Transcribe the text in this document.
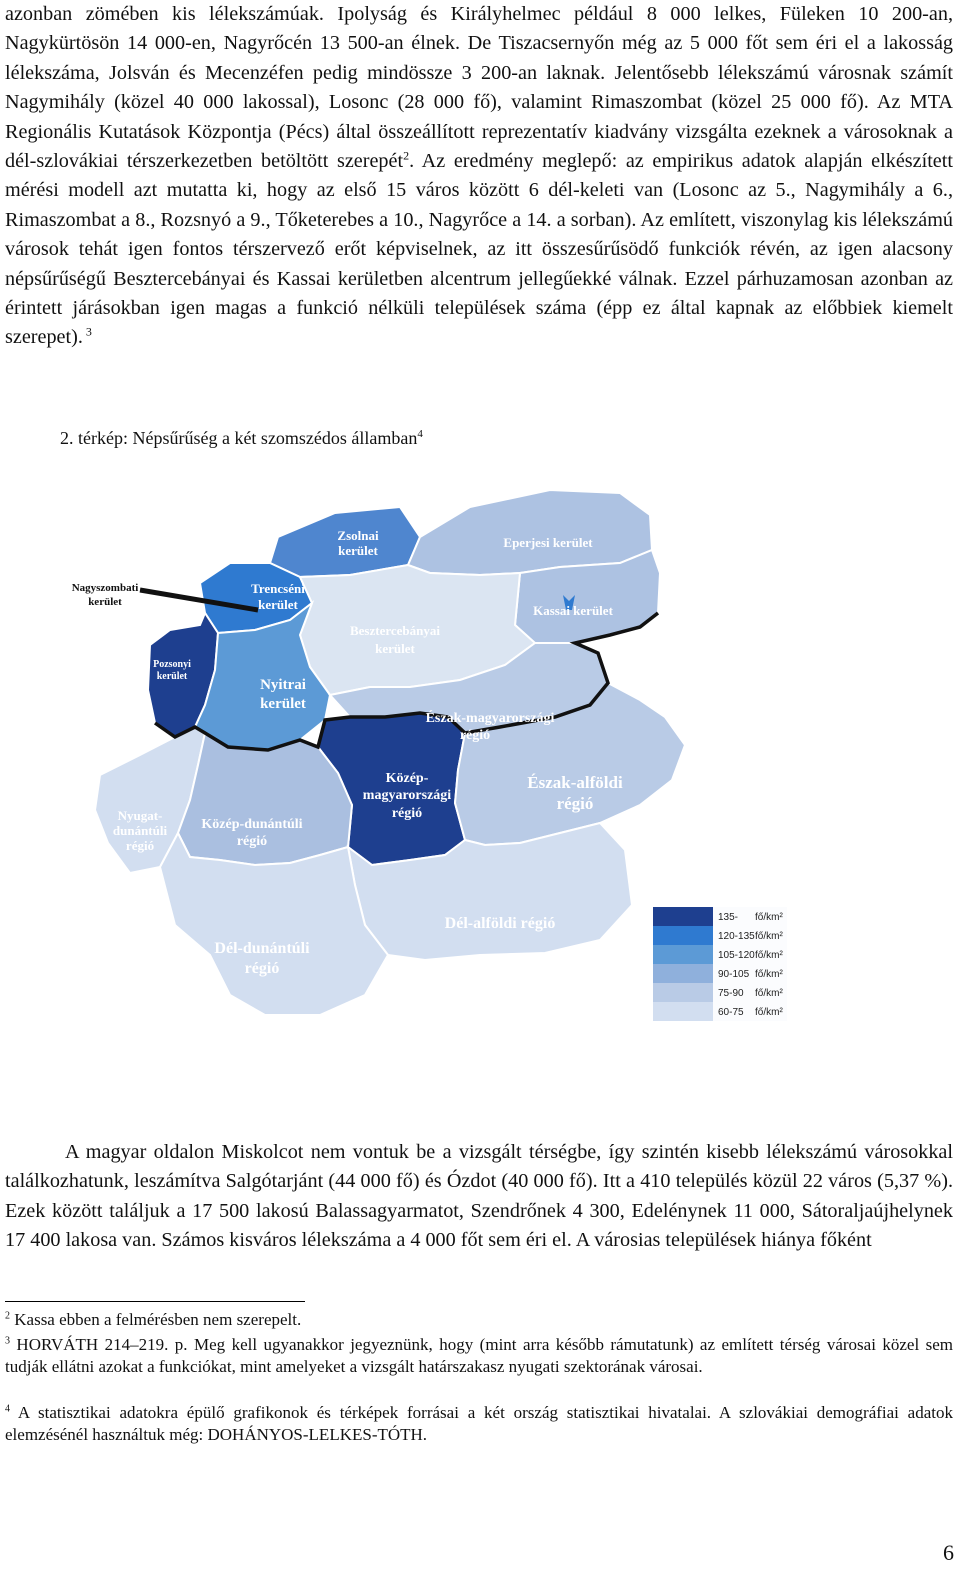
azonban zömében kis lélekszámúak. Ipolyság és Királyhelmec például 8 000 lelkes, Füleken 10 200-an, Nagykürtösön 14 000-en, Nagyrőcén 13 500-an élnek. De Tiszacsernyőn még az 5 000 főt sem éri el a lakosság lélekszáma, Jolsván és Mecenzéfen pedig mindössze 3 200-an laknak. Jelentősebb lélekszámú városnak számít Nagymihály (közel 40 000 lakossal), Losonc (28 000 fő), valamint Rimaszombat (közel 25 000 fő). Az MTA Regionális Kutatások Központja (Pécs) által összeállított reprezentatív kiadvány vizsgálta ezeknek a városoknak a dél-szlovákiai térszerkezetben betöltött szerepét$^2$. Az eredmény meglepő: az empirikus adatok alapján elkészített mérési modell azt mutatta ki, hogy az első 15 város között 6 dél-keleti van (Losonc az 5., Nagymihály a 6., Rimaszombat a 8., Rozsnyó a 9., Tőketerebes a 10., Nagyrőce a 14. a sorban). Az említett, viszonylag kis lélekszámú városok tehát igen fontos térszervező erőt képviselnek, az itt összesűrűsödő funkciók révén, az igen alacsony népsűrűségű Besztercebányai és Kassai kerületben alcentrum jellegűekké válnak. Ezzel párhuzamosan azonban az érintett járásokban igen magas a funkció nélküli települések száma (épp ez által kapnak az előbbiek kiemelt szerepet). $^3$

2. térkép: Népsűrűség a két szomszédos államban$^4$
Zsolnai kerület
Eperjesi kerület
Trencséni kerület	Kassai kerület
Besztercebányai kerület
Pozsonyi kerület
Nyitrai kerület
Észak-magyarországi régió
Közép-magyarországi régió
Észak-alföldi régió
Nyugat-dunántúli régió
Közép-dunántúli régió
Dél-alföldi régió
Dél-dunántúli régió
Nagyszombati kerület
135- fő/km²
120-135fő/km²
105-120fő/km²
90-105 fő/km²
75-90 fő/km²
60-75 fő/km²

A magyar oldalon Miskolcot nem vontuk be a vizsgált térségbe, így szintén kisebb lélekszámú városokkal találkozhatunk, leszámítva Salgótarjánt (44 000 fő) és Ózdot (40 000 fő). Itt a 410 település közül 22 város (5,37 %). Ezek között találjuk a 17 500 lakosú Balassagyarmatot, Szendrőnek 4 300, Edelénynek 11 000, Sátoraljaújhelynek 17 400 lakosa van. Számos kisváros lélekszáma a 4 000 főt sem éri el. A városias települések hiánya főként

$^2$ Kassa ebben a felmérésben nem szerepelt.

$^3$ HORVÁTH 214–219. p. Meg kell ugyanakkor jegyeznünk, hogy (mint arra később rámutatunk) az említett térség városai közel sem tudják ellátni azokat a funkciókat, mint amelyeket a vizsgált határszakasz nyugati szektorának városai.

$^4$ A statisztikai adatokra épülő grafikonok és térképek forrásai a két ország statisztikai hivatalai. A szlovákiai demográfiai adatok elemzésénél használtuk még: DOHÁNYOS-LELKES-TÓTH.

6
